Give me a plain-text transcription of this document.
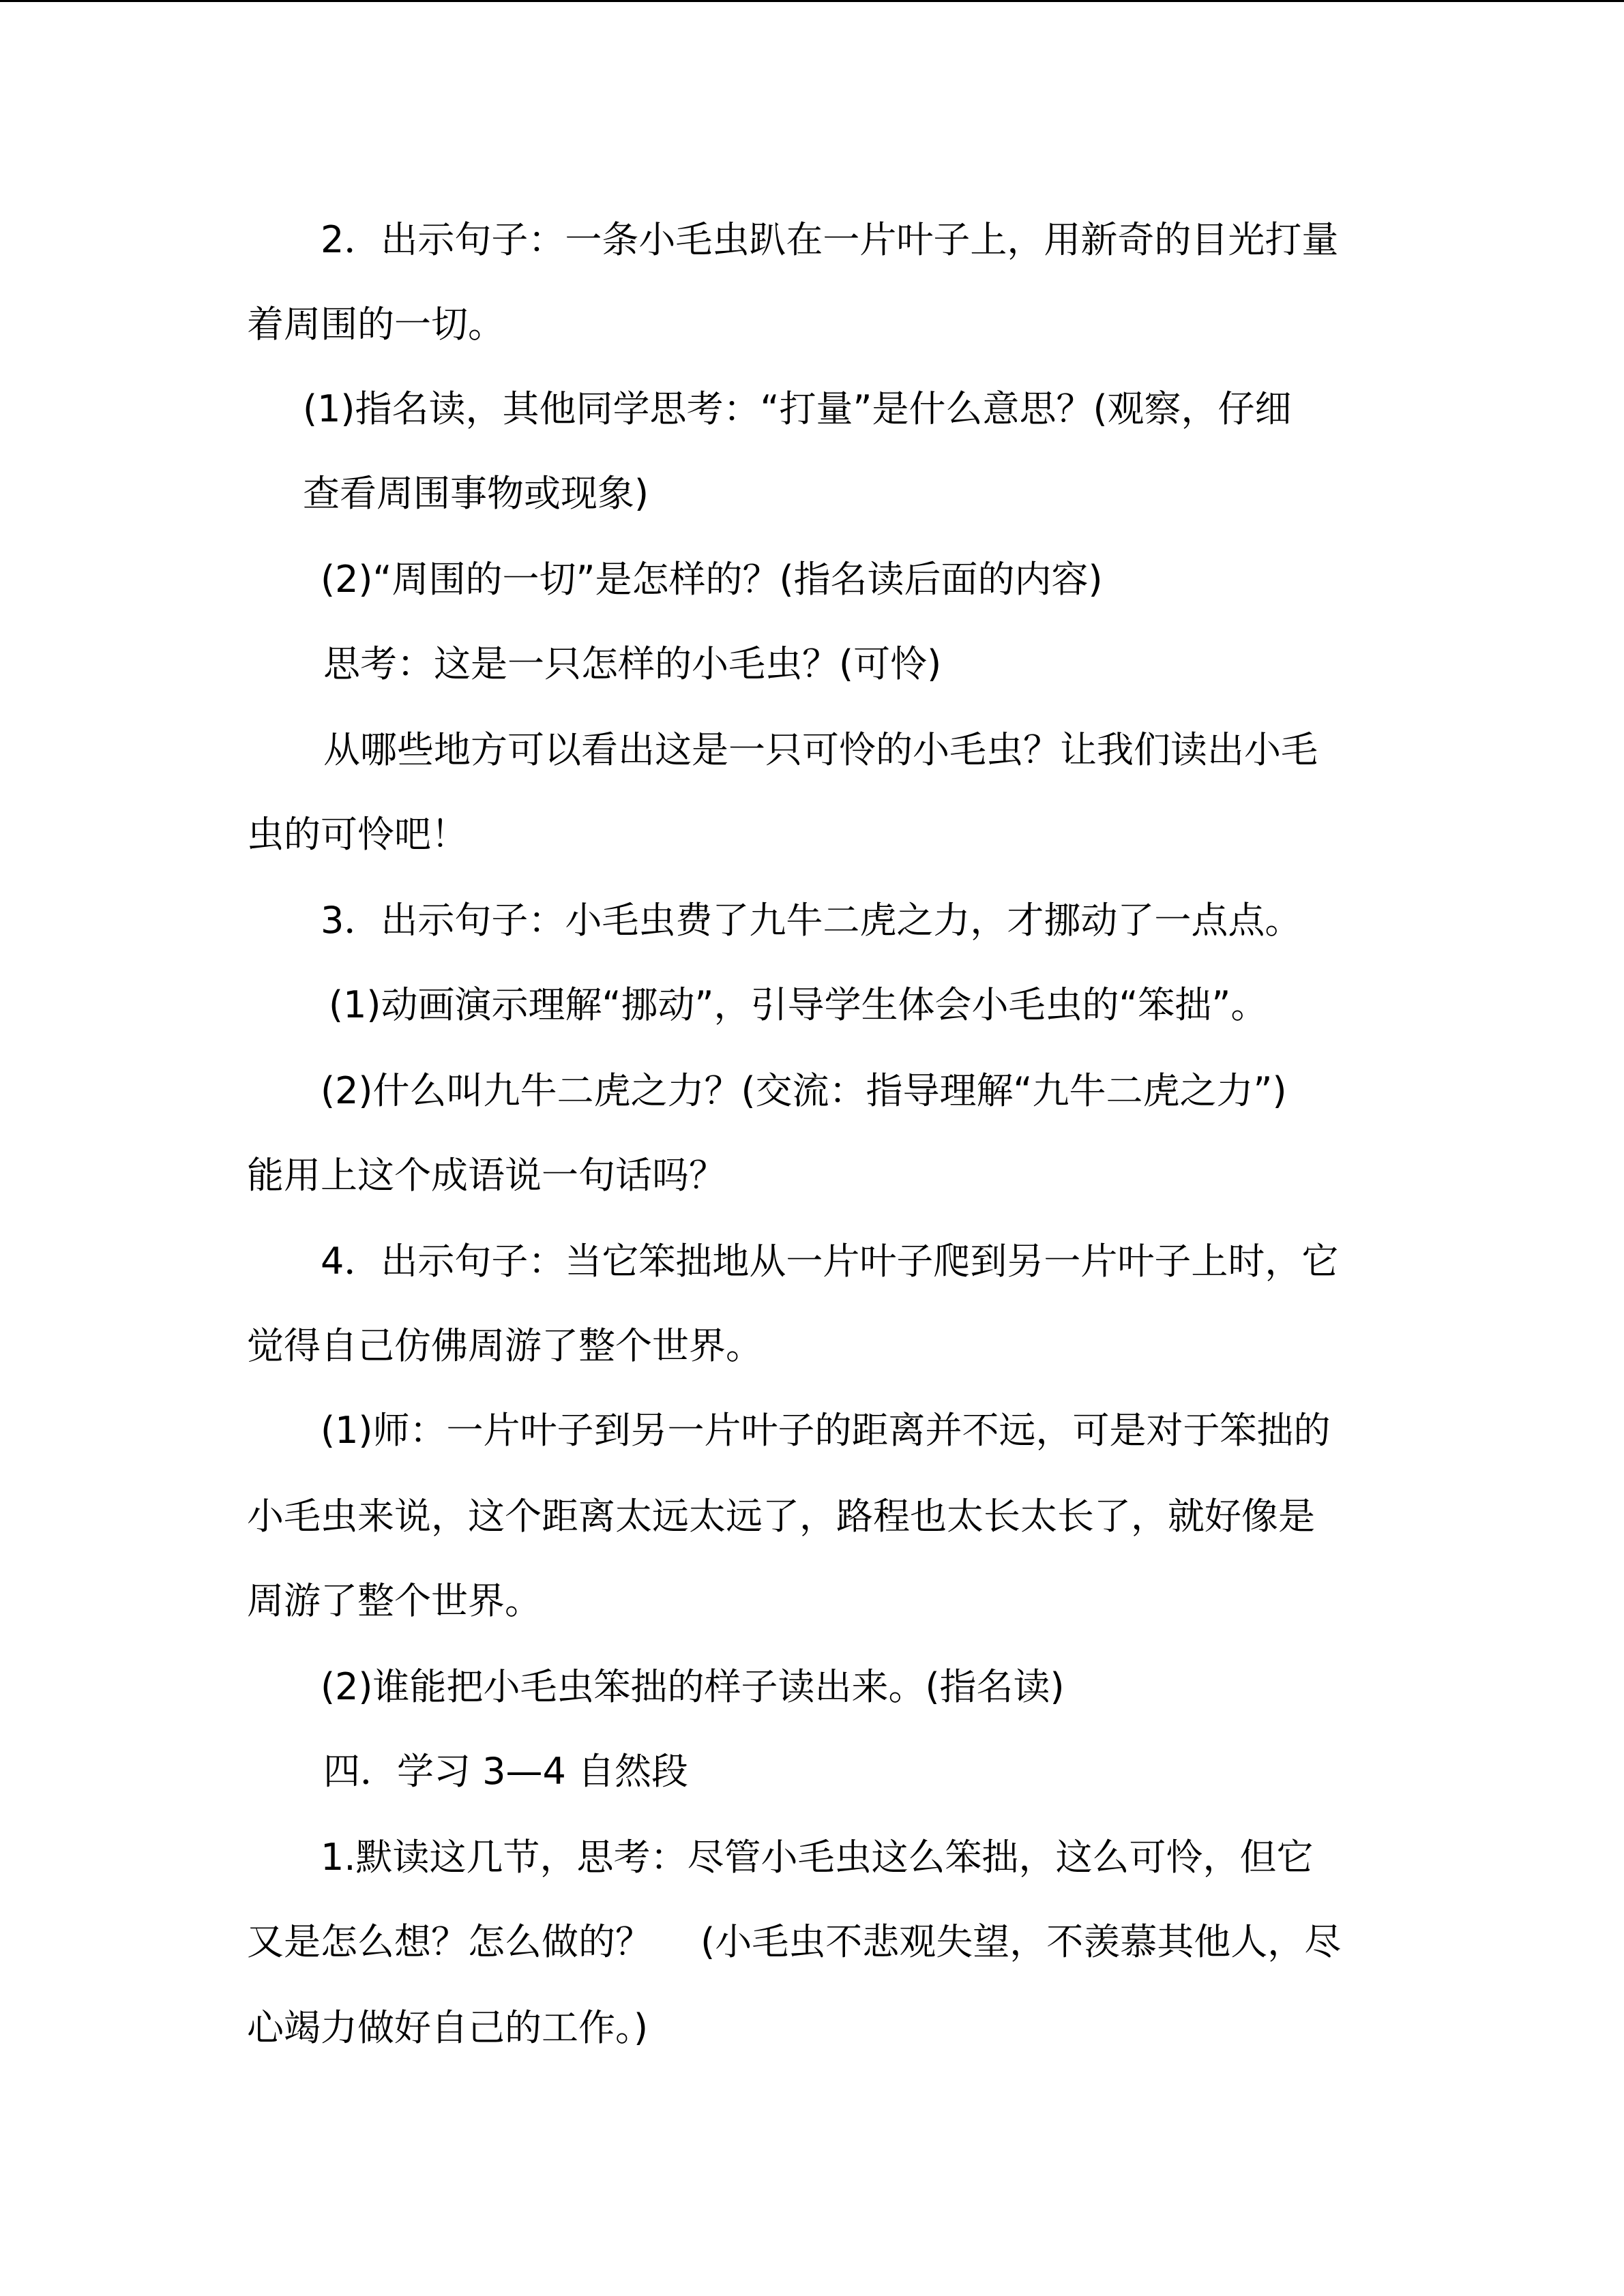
2．出示句子：一条小毛虫趴在一片叶子上，用新奇的目光打量

着周围的一切。

(1)指名读，其他同学思考：“打量”是什么意思？(观察，仔细

查看周围事物或现象)

(2)“周围的一切”是怎样的？(指名读后面的内容)

思考：这是一只怎样的小毛虫？(可怜)

从哪些地方可以看出这是一只可怜的小毛虫？让我们读出小毛

虫的可怜吧！

3．出示句子：小毛虫费了九牛二虎之力，才挪动了一点点。

(1)动画演示理解“挪动”，引导学生体会小毛虫的“笨拙”。

(2)什么叫九牛二虎之力？(交流：指导理解“九牛二虎之力”)

能用上这个成语说一句话吗？

4．出示句子：当它笨拙地从一片叶子爬到另一片叶子上时，它

觉得自己仿佛周游了整个世界。

(1)师：一片叶子到另一片叶子的距离并不远，可是对于笨拙的

小毛虫来说，这个距离太远太远了，路程也太长太长了，就好像是

周游了整个世界。

(2)谁能把小毛虫笨拙的样子读出来。(指名读)

四．学习 3—4 自然段

1.默读这几节，思考：尽管小毛虫这么笨拙，这么可怜，但它

又是怎么想？怎么做的？　 (小毛虫不悲观失望，不羡慕其他人，尽

心竭力做好自己的工作。)
